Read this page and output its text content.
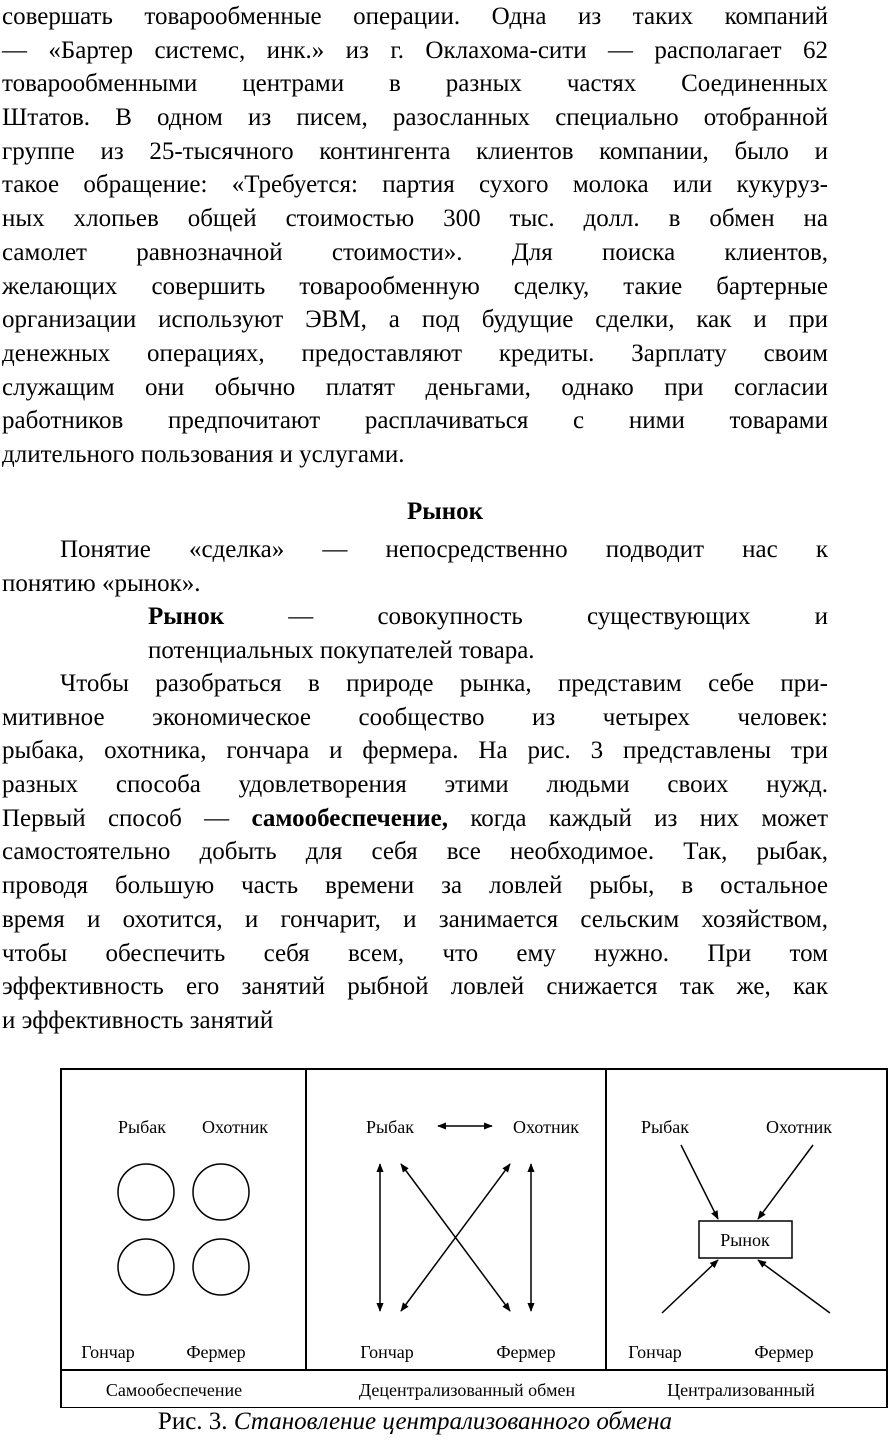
совершать товарообменные операции. Одна из таких компаний
— «Бартер системс, инк.» из г. Оклахома-сити — располагает 62
товарообменными центрами в разных частях Соединенных
Штатов. В одном из писем, разосланных специально отобранной
группе из 25-тысячного контингента клиентов компании, было и
такое обращение: «Требуется: партия сухого молока или кукуруз-
ных хлопьев общей стоимостью 300 тыс. долл. в обмен на
самолет равнозначной стоимости». Для поиска клиентов,
желающих совершить товарообменную сделку, такие бартерные
организации используют ЭВМ, а под будущие сделки, как и при
денежных операциях, предоставляют кредиты. Зарплату своим
служащим они обычно платят деньгами, однако при согласии
работников предпочитают расплачиваться с ними товарами
длительного пользования и услугами.
Рынок
Понятие «сделка» — непосредственно подводит нас к
понятию «рынок».
Рынок	— совокупность существующих и
потенциальных покупателей товара.
Чтобы разобраться в природе рынка, представим себе при-
митивное экономическое сообщество из четырех человек:
рыбака, охотника, гончара и фермера. На рис. 3 представлены три
разных способа удовлетворения этими людьми своих нужд.
Первый способ — самообеспечение, когда каждый из них может
самостоятельно добыть для себя все необходимое. Так, рыбак,
проводя большую часть времени за ловлей рыбы, в остальное
время и охотится, и гончарит, и занимается сельским хозяйством,
чтобы обеспечить себя всем, что ему нужно. При том
эффективность его занятий рыбной ловлей снижается так же, как
и эффективность занятий
Рыбак Охотник
Гончар	Фермер
Рыбак	Охотник
Гончар	Фермер
Рыбак	Охотник
Рынок
Гончар	Фермер
Самообеспечение	Децентрализованный обмен	Централизованный
Рис. 3. Становление централизованного обмена
